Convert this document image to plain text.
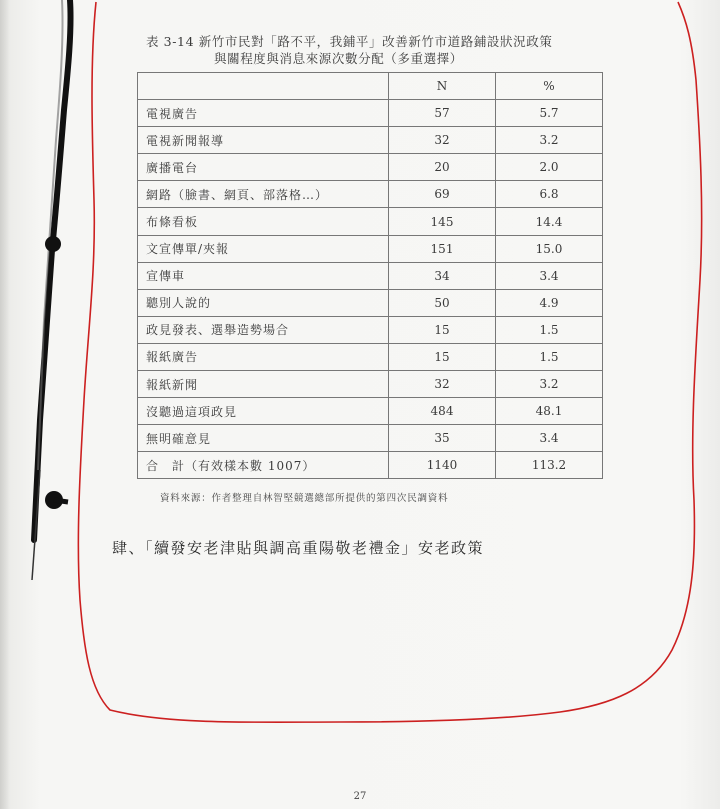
表 3-14 新竹市民對「路不平，我鋪平」改善新竹市道路鋪設狀況政策
與關程度與消息來源次數分配（多重選擇）
	N	%
電視廣告	57	5.7
電視新聞報導	32	3.2
廣播電台	20	2.0
網路（臉書、網頁、部落格…）	69	6.8
布條看板	145	14.4
文宣傳單/夾報	151	15.0
宣傳車	34	3.4
聽別人說的	50	4.9
政見發表、選舉造勢場合	15	1.5
報紙廣告	15	1.5
報紙新聞	32	3.2
沒聽過這項政見	484	48.1
無明確意見	35	3.4
合　計（有效樣本數 1007）	1140	113.2
資料來源：作者整理自林智堅競選總部所提供的第四次民調資料
肆、「續發安老津貼與調高重陽敬老禮金」安老政策
27
